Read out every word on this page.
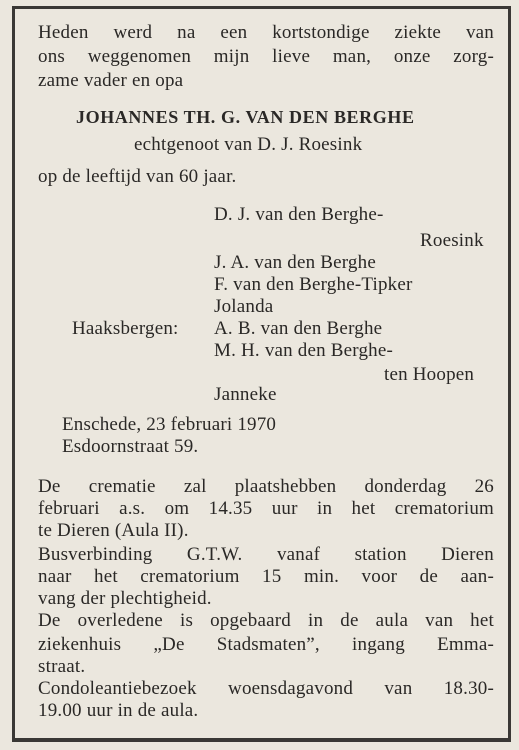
Heden werd na een kortstondige ziekte van
ons weggenomen mijn lieve man, onze zorg-
zame vader en opa
JOHANNES TH. G. VAN DEN BERGHE
echtgenoot van D. J. Roesink
op de leeftijd van 60 jaar.
D. J. van den Berghe-
Roesink
J. A. van den Berghe
F. van den Berghe-Tipker
Jolanda
Haaksbergen: A. B. van den Berghe
M. H. van den Berghe-
ten Hoopen
Janneke
Enschede, 23 februari 1970
Esdoornstraat 59.
De crematie zal plaatshebben donderdag 26
februari a.s. om 14.35 uur in het crematorium
te Dieren (Aula II).
Busverbinding G.T.W. vanaf station Dieren
naar het crematorium 15 min. voor de aan-
vang der plechtigheid.
De overledene is opgebaard in de aula van het
ziekenhuis „De Stadsmaten”, ingang Emma-
straat.
Condoleantiebezoek woensdagavond van 18.30-
19.00 uur in de aula.
